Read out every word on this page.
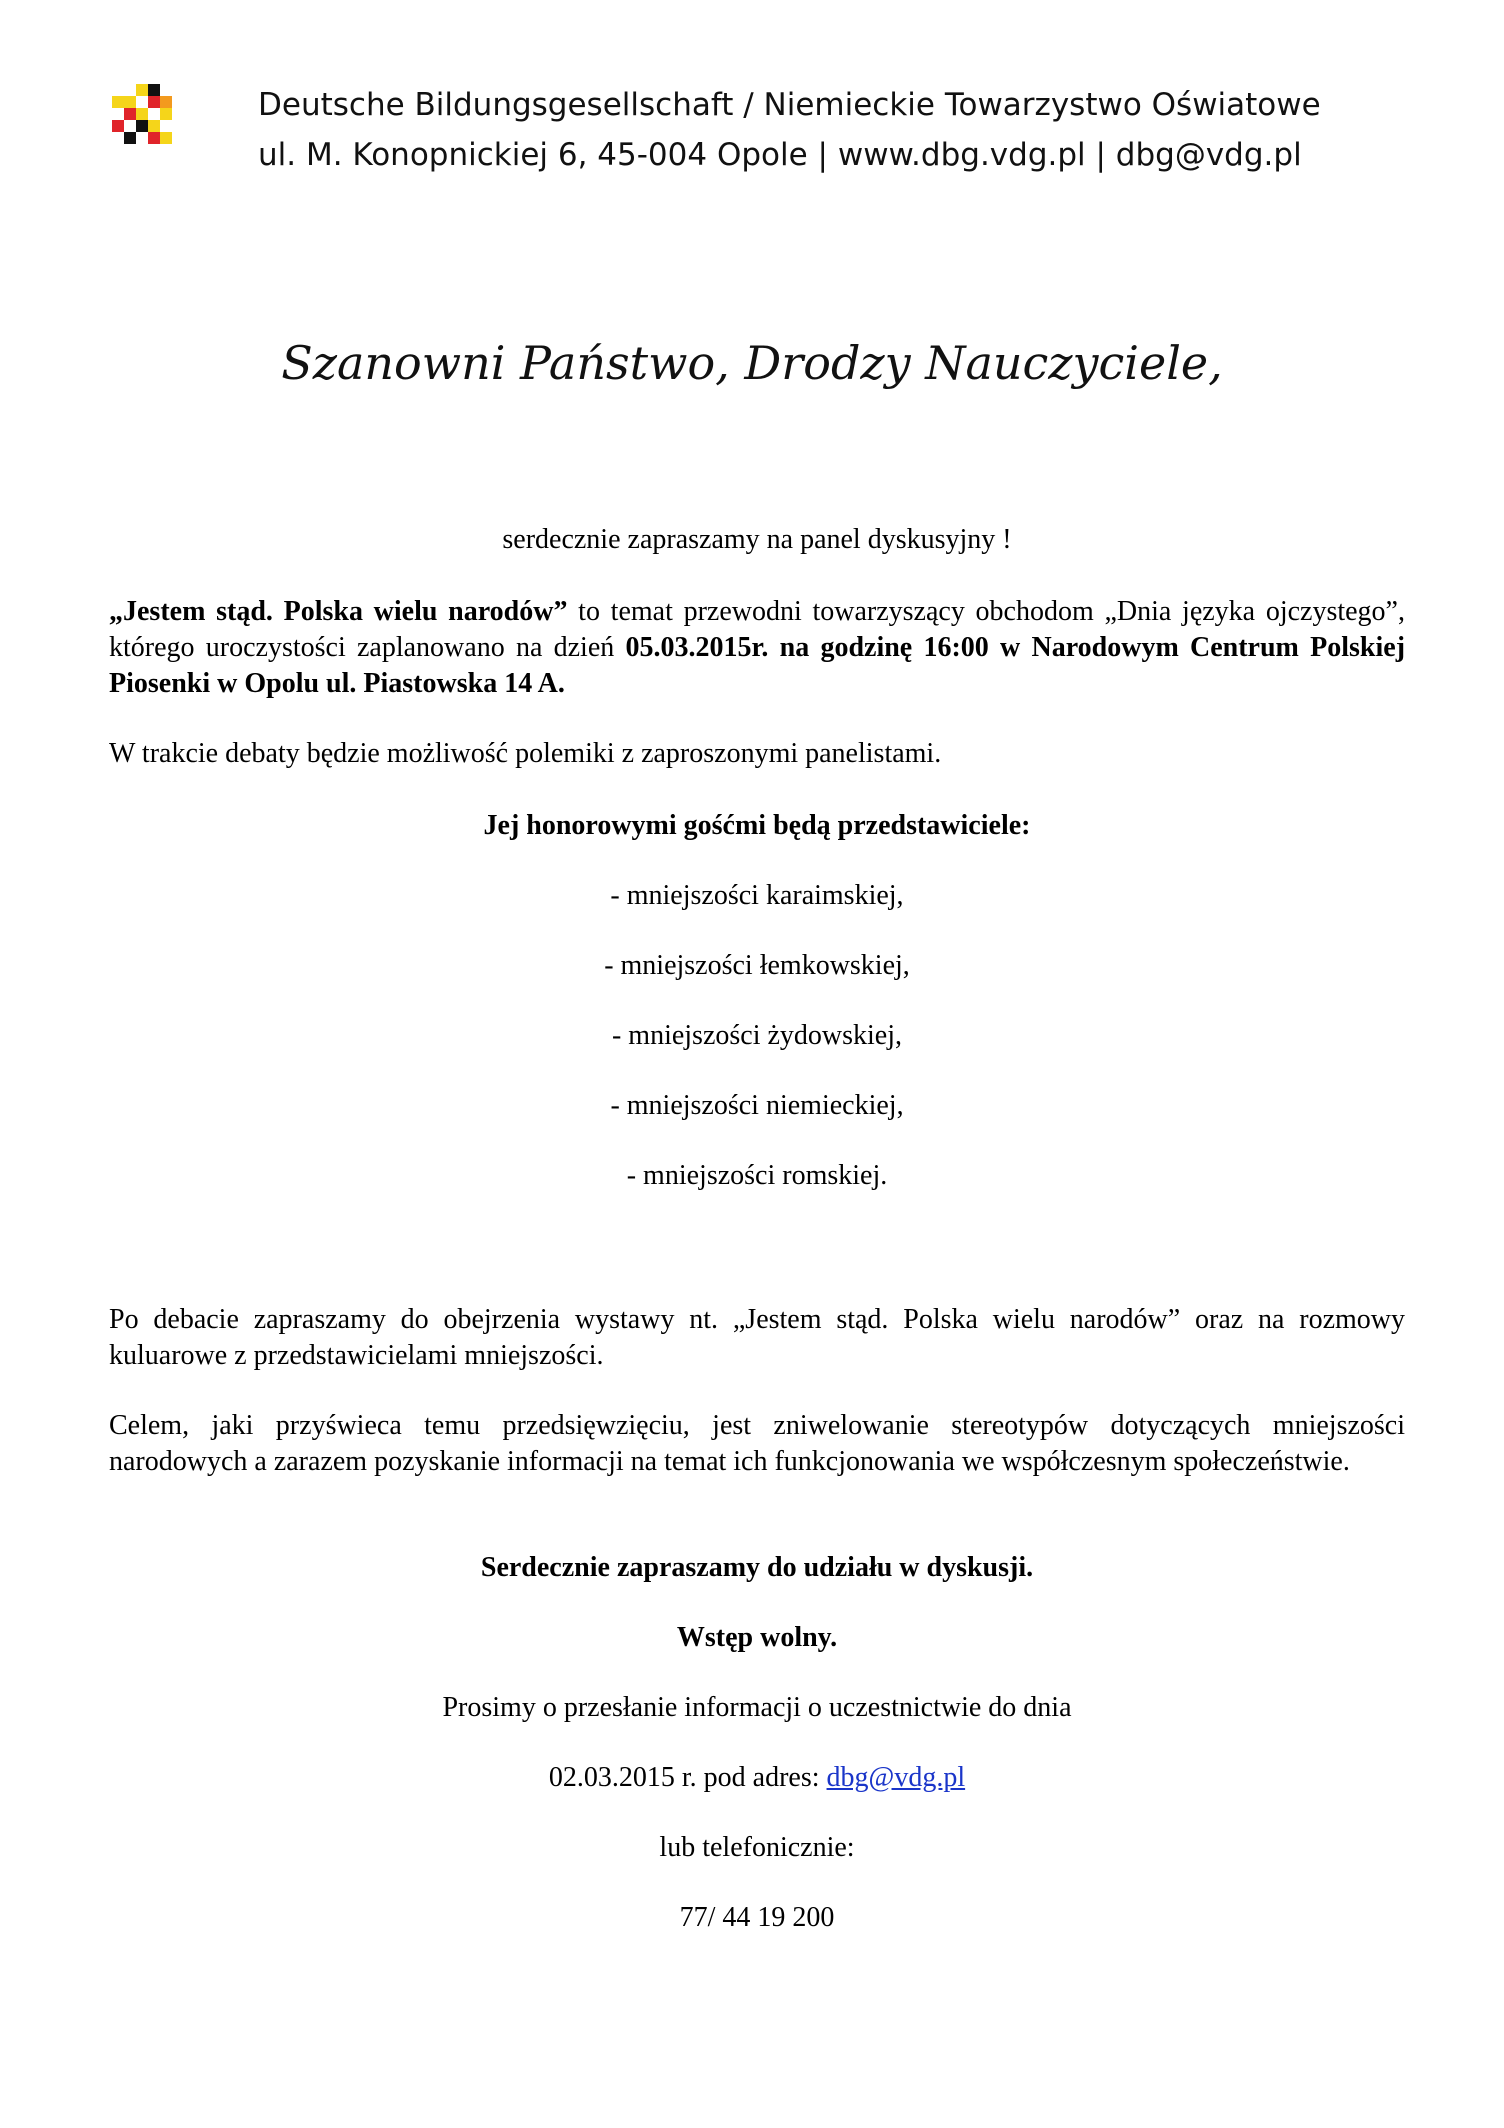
Deutsche Bildungsgesellschaft / Niemieckie Towarzystwo Oświatowe
ul. M. Konopnickiej 6, 45-004 Opole | www.dbg.vdg.pl | dbg@vdg.pl
Szanowni Państwo, Drodzy Nauczyciele,

serdecznie zapraszamy na panel dyskusyjny !

„Jestem stąd. Polska wielu narodów” to temat przewodni towarzyszący obchodom „Dnia języka ojczystego”, którego uroczystości zaplanowano na dzień 05.03.2015r. na godzinę 16:00 w Narodowym Centrum Polskiej Piosenki w Opolu ul. Piastowska 14 A.

W trakcie debaty będzie możliwość polemiki z zaproszonymi panelistami.

Jej honorowymi gośćmi będą przedstawiciele:

- mniejszości karaimskiej,

- mniejszości łemkowskiej,

- mniejszości żydowskiej,

- mniejszości niemieckiej,

- mniejszości romskiej.

Po debacie zapraszamy do obejrzenia wystawy nt. „Jestem stąd. Polska wielu narodów” oraz na rozmowy kuluarowe z przedstawicielami mniejszości.

Celem, jaki przyświeca temu przedsięwzięciu, jest zniwelowanie stereotypów dotyczących mniejszości narodowych a zarazem pozyskanie informacji na temat ich funkcjonowania we współczesnym społeczeństwie.

Serdecznie zapraszamy do udziału w dyskusji.

Wstęp wolny.

Prosimy o przesłanie informacji o uczestnictwie do dnia

02.03.2015 r. pod adres: dbg@vdg.pl

lub telefonicznie:

77/ 44 19 200
